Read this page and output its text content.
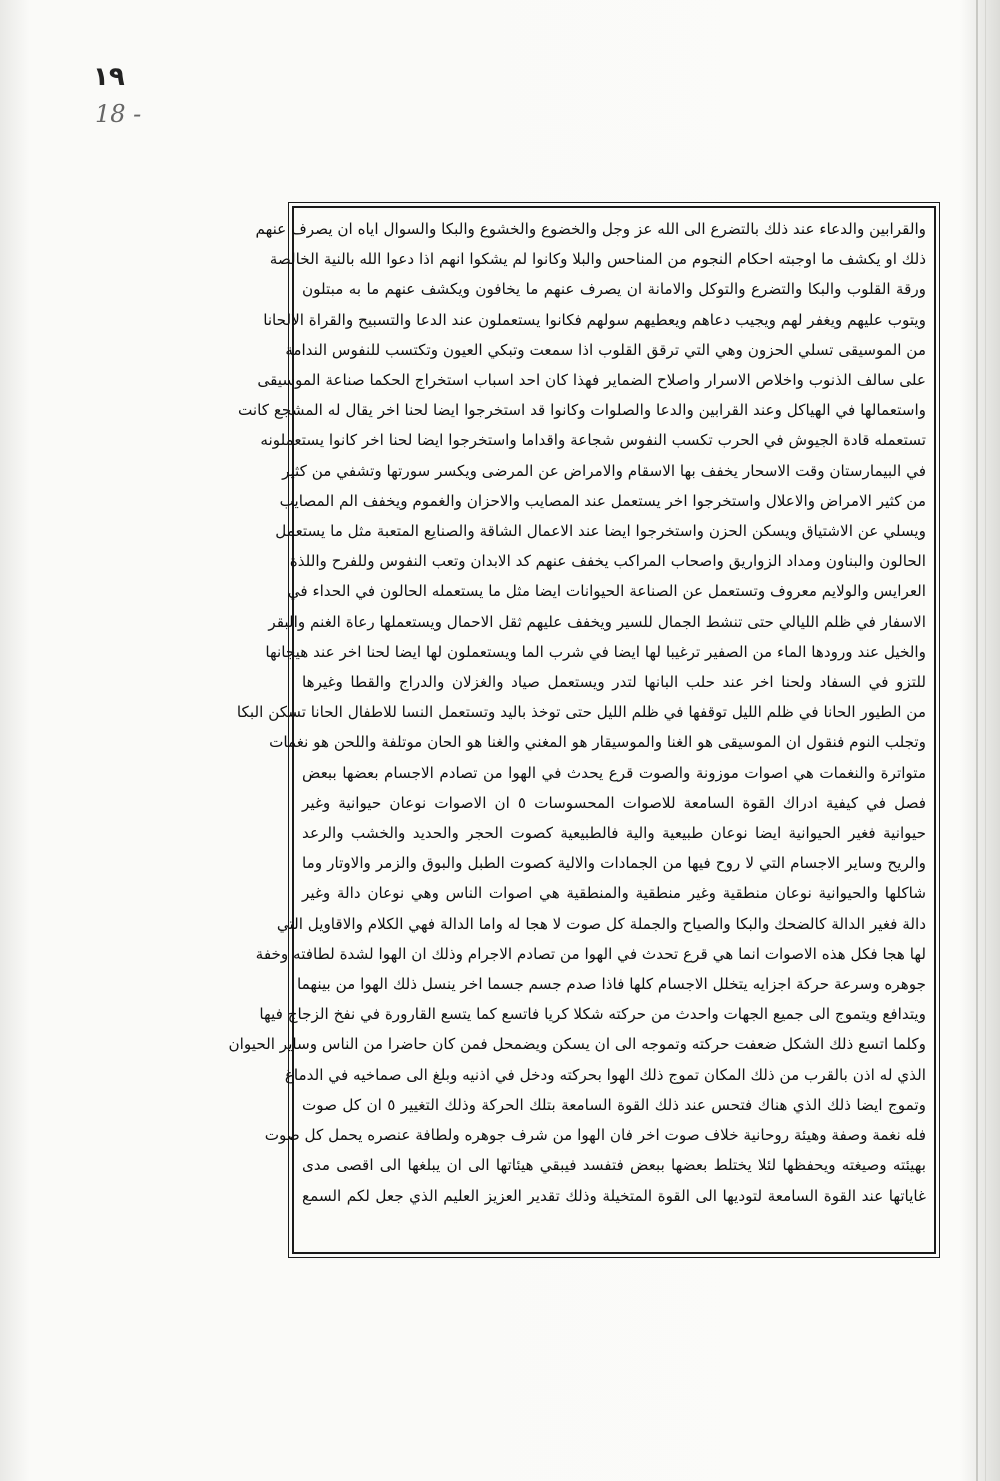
١٩
18 -
والقرابين والدعاء عند ذلك بالتضرع الى الله عز وجل والخضوع والخشوع والبكا والسوال اياه ان يصرف عنهم
ذلك او يكشف ما اوجبته احكام النجوم من المناحس والبلا وكانوا لم يشكوا انهم اذا دعوا الله بالنية الخالصة
ورقة القلوب والبكا والتضرع والتوكل والامانة ان يصرف عنهم ما يخافون ويكشف عنهم ما به مبتلون
ويتوب عليهم ويغفر لهم ويجيب دعاهم ويعطيهم سولهم فكانوا يستعملون عند الدعا والتسبيح والقراة الالحانا
من الموسيقى تسلي الحزون وهي التي ترقق القلوب اذا سمعت وتبكي العيون وتكتسب للنفوس الندامة
على سالف الذنوب واخلاص الاسرار واصلاح الضماير فهذا كان احد اسباب استخراج الحكما صناعة الموسيقى
واستعمالها في الهياكل وعند القرابين والدعا والصلوات وكانوا قد استخرجوا ايضا لحنا اخر يقال له المشجع كانت
تستعمله قادة الجيوش في الحرب تكسب النفوس شجاعة واقداما واستخرجوا ايضا لحنا اخر كانوا يستعملونه
في البيمارستان وقت الاسحار يخفف بها الاسقام والامراض عن المرضى ويكسر سورتها وتشفي من كثير
من كثير الامراض والاعلال واستخرجوا اخر يستعمل عند المصايب والاحزان والغموم ويخفف الم المصايب
ويسلي عن الاشتياق ويسكن الحزن واستخرجوا ايضا عند الاعمال الشاقة والصنايع المتعبة مثل ما يستعمل
الحالون والبناون ومداد الزواريق واصحاب المراكب يخفف عنهم كد الابدان وتعب النفوس وللفرح واللذة
العرايس والولايم معروف وتستعمل عن الصناعة الحيوانات ايضا مثل ما يستعمله الحالون في الحداء في
الاسفار في ظلم الليالي حتى تنشط الجمال للسير ويخفف عليهم ثقل الاحمال ويستعملها رعاة الغنم والبقر
والخيل عند ورودها الماء من الصفير ترغيبا لها ايضا في شرب الما ويستعملون لها ايضا لحنا اخر عند هيجانها
للتزو في السفاد ولحنا اخر عند حلب البانها لتدر ويستعمل صياد والغزلان والدراج والقطا وغيرها
من الطيور الحانا في ظلم الليل توقفها في ظلم الليل حتى توخذ باليد وتستعمل النسا للاطفال الحانا تسكن البكا
وتجلب النوم فنقول ان الموسيقى هو الغنا والموسيقار هو المغني والغنا هو الحان موتلفة واللحن هو نغمات
متواترة والنغمات هي اصوات موزونة والصوت قرع يحدث في الهوا من تصادم الاجسام بعضها ببعض
فصل في كيفية ادراك القوة السامعة للاصوات المحسوسات ٥ ان الاصوات نوعان حيوانية وغير
حيوانية فغير الحيوانية ايضا نوعان طبيعية والية فالطبيعية كصوت الحجر والحديد والخشب والرعد
والريح وساير الاجسام التي لا روح فيها من الجمادات والالية كصوت الطبل والبوق والزمر والاوتار وما
شاكلها والحيوانية نوعان منطقية وغير منطقية والمنطقية هي اصوات الناس وهي نوعان دالة وغير
دالة فغير الدالة كالضحك والبكا والصياح والجملة كل صوت لا هجا له واما الدالة فهي الكلام والاقاويل التي
لها هجا فكل هذه الاصوات انما هي قرع تحدث في الهوا من تصادم الاجرام وذلك ان الهوا لشدة لطافته وخفة
جوهره وسرعة حركة اجزايه يتخلل الاجسام كلها فاذا صدم جسم جسما اخر ينسل ذلك الهوا من بينهما
ويتدافع ويتموج الى جميع الجهات واحدث من حركته شكلا كريا فاتسع كما يتسع القارورة في نفخ الزجاج فيها
وكلما اتسع ذلك الشكل ضعفت حركته وتموجه الى ان يسكن ويضمحل فمن كان حاضرا من الناس وساير الحيوان
الذي له اذن بالقرب من ذلك المكان تموج ذلك الهوا بحركته ودخل في اذنيه وبلغ الى صماخيه في الدماغ
وتموج ايضا ذلك الذي هناك فتحس عند ذلك القوة السامعة بتلك الحركة وذلك التغيير ٥ ان كل صوت
فله نغمة وصفة وهيئة روحانية خلاف صوت اخر فان الهوا من شرف جوهره ولطافة عنصره يحمل كل صوت
بهيئته وصيغته ويحفظها لئلا يختلط بعضها ببعض فتفسد فيبقي هيئاتها الى ان يبلغها الى اقصى مدى
غاياتها عند القوة السامعة لتوديها الى القوة المتخيلة وذلك تقدير العزيز العليم الذي جعل لكم السمع
